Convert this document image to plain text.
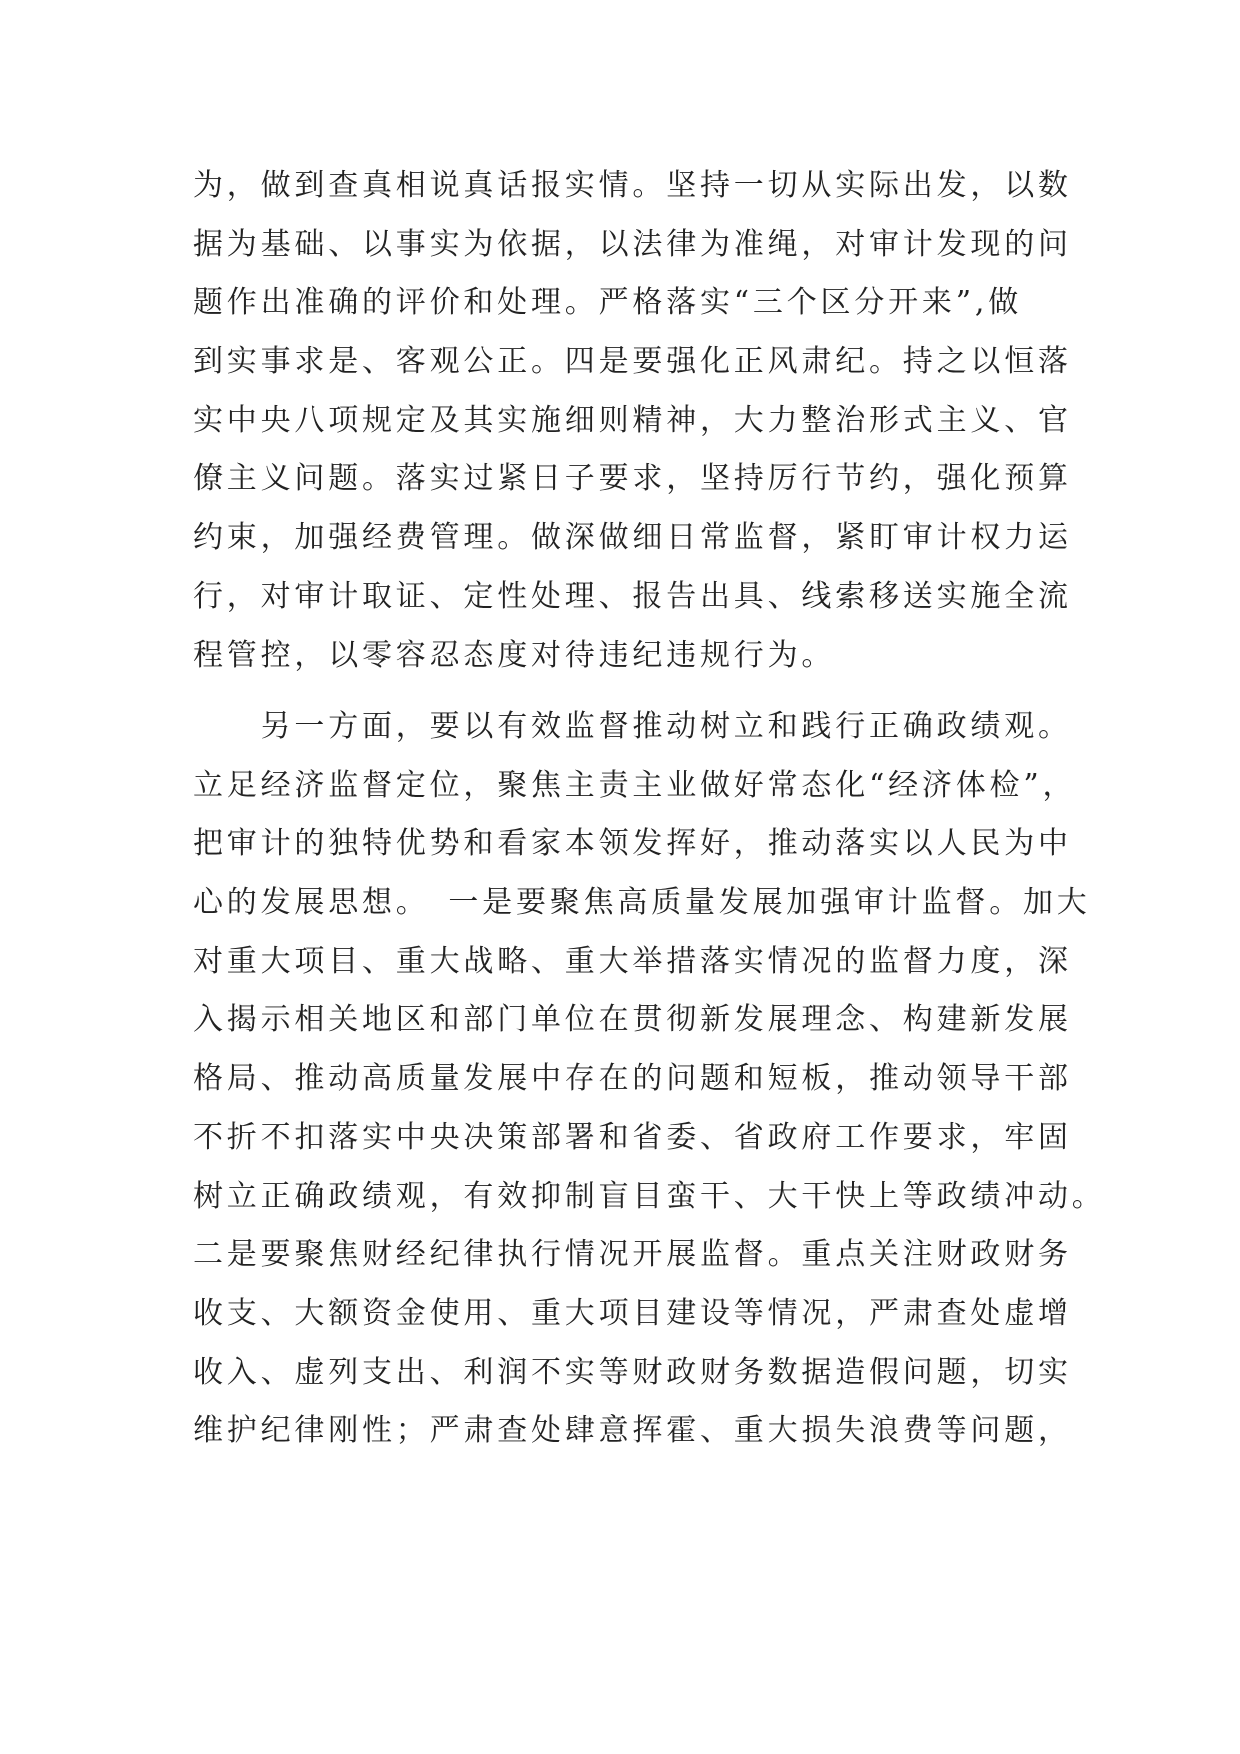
为，做到查真相说真话报实情。坚持一切从实际出发，以数
据为基础、以事实为依据，以法律为准绳，对审计发现的问
题作出准确的评价和处理。严格落实“三个区分开来”,做
到实事求是、客观公正。四是要强化正风肃纪。持之以恒落
实中央八项规定及其实施细则精神，大力整治形式主义、官
僚主义问题。落实过紧日子要求，坚持厉行节约，强化预算
约束，加强经费管理。做深做细日常监督，紧盯审计权力运
行，对审计取证、定性处理、报告出具、线索移送实施全流
程管控，以零容忍态度对待违纪违规行为。
　　另一方面，要以有效监督推动树立和践行正确政绩观。
立足经济监督定位，聚焦主责主业做好常态化“经济体检”，
把审计的独特优势和看家本领发挥好，推动落实以人民为中
心的发展思想。　一是要聚焦高质量发展加强审计监督。加大
对重大项目、重大战略、重大举措落实情况的监督力度，深
入揭示相关地区和部门单位在贯彻新发展理念、构建新发展
格局、推动高质量发展中存在的问题和短板，推动领导干部
不折不扣落实中央决策部署和省委、省政府工作要求，牢固
树立正确政绩观，有效抑制盲目蛮干、大干快上等政绩冲动。
二是要聚焦财经纪律执行情况开展监督。重点关注财政财务
收支、大额资金使用、重大项目建设等情况，严肃查处虚增
收入、虚列支出、利润不实等财政财务数据造假问题，切实
维护纪律刚性；严肃查处肆意挥霍、重大损失浪费等问题，
